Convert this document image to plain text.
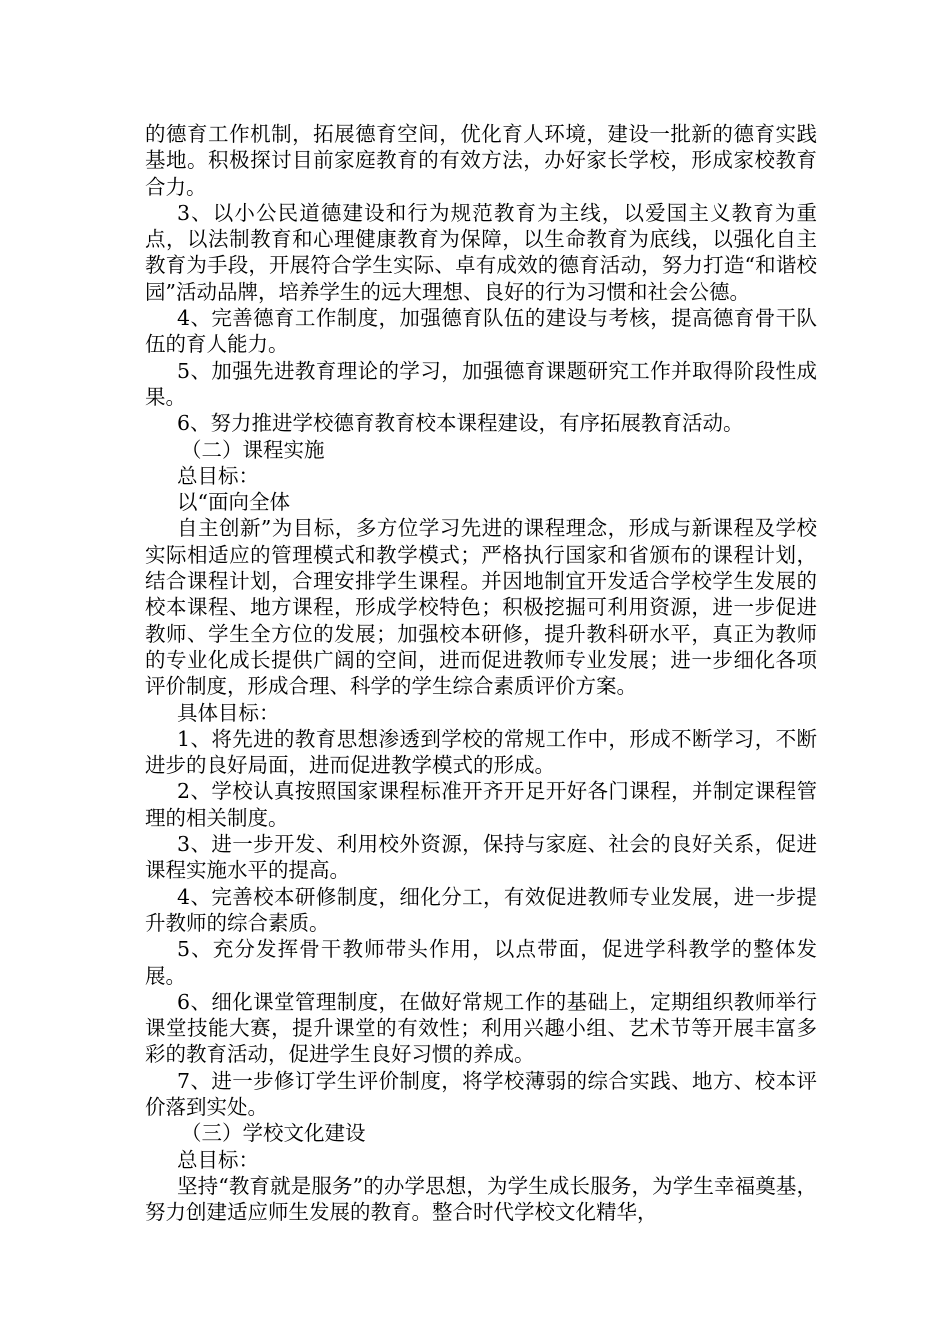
的德育工作机制，拓展德育空间，优化育人环境，建设一批新的德育实践基地。积极探讨目前家庭教育的有效方法，办好家长学校，形成家校教育合力。

3、以小公民道德建设和行为规范教育为主线，以爱国主义教育为重点，以法制教育和心理健康教育为保障，以生命教育为底线，以强化自主教育为手段，开展符合学生实际、卓有成效的德育活动，努力打造“和谐校园”活动品牌，培养学生的远大理想、良好的行为习惯和社会公德。

4、完善德育工作制度，加强德育队伍的建设与考核，提高德育骨干队伍的育人能力。

5、加强先进教育理论的学习，加强德育课题研究工作并取得阶段性成果。

6、努力推进学校德育教育校本课程建设，有序拓展教育活动。

（二）课程实施

总目标：

以“面向全体

自主创新”为目标，多方位学习先进的课程理念，形成与新课程及学校实际相适应的管理模式和教学模式；严格执行国家和省颁布的课程计划，结合课程计划，合理安排学生课程。并因地制宜开发适合学校学生发展的校本课程、地方课程，形成学校特色；积极挖掘可利用资源，进一步促进教师、学生全方位的发展；加强校本研修，提升教科研水平，真正为教师的专业化成长提供广阔的空间，进而促进教师专业发展；进一步细化各项评价制度，形成合理、科学的学生综合素质评价方案。

具体目标：

1、将先进的教育思想渗透到学校的常规工作中，形成不断学习，不断进步的良好局面，进而促进教学模式的形成。

2、学校认真按照国家课程标准开齐开足开好各门课程，并制定课程管理的相关制度。

3、进一步开发、利用校外资源，保持与家庭、社会的良好关系，促进课程实施水平的提高。

4、完善校本研修制度，细化分工，有效促进教师专业发展，进一步提升教师的综合素质。

5、充分发挥骨干教师带头作用，以点带面，促进学科教学的整体发展。

6、细化课堂管理制度，在做好常规工作的基础上，定期组织教师举行课堂技能大赛，提升课堂的有效性；利用兴趣小组、艺术节等开展丰富多彩的教育活动，促进学生良好习惯的养成。

7、进一步修订学生评价制度，将学校薄弱的综合实践、地方、校本评价落到实处。

（三）学校文化建设

总目标：

坚持“教育就是服务”的办学思想，为学生成长服务，为学生幸福奠基，努力创建适应师生发展的教育。整合时代学校文化精华，
